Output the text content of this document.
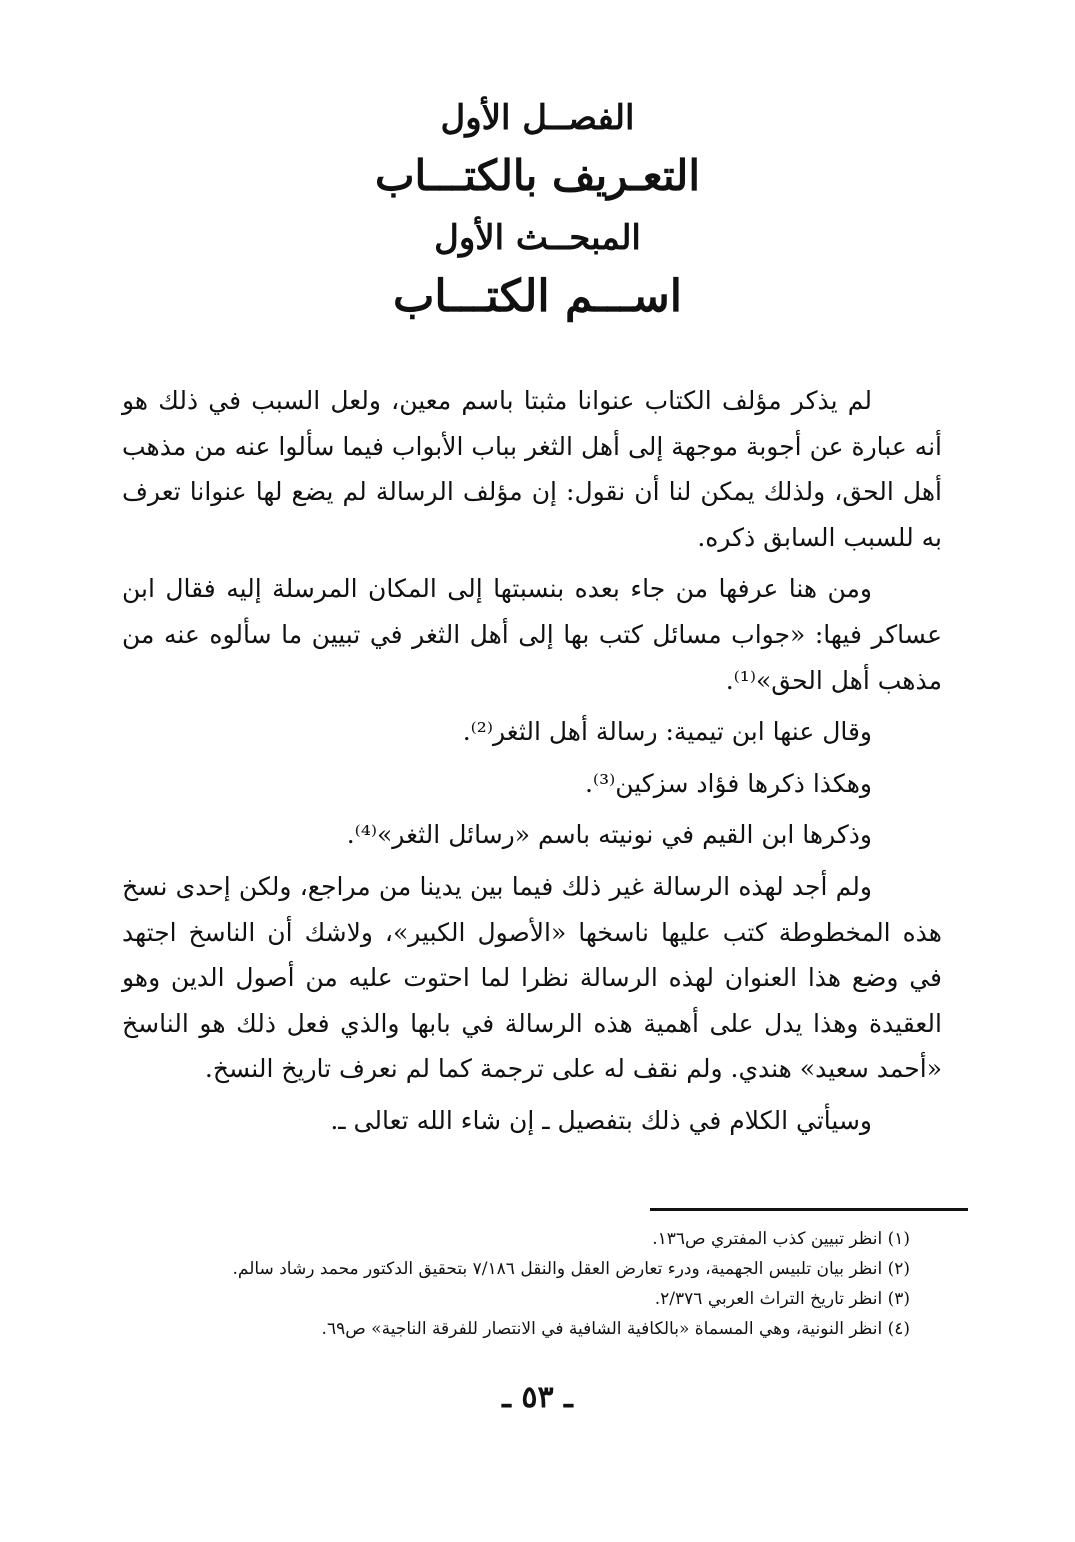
الفصــل الأول
التعـريف بالكتـــاب
المبحــث الأول
اســـم الكتـــاب

لم يذكر مؤلف الكتاب عنوانا مثبتا باسم معين، ولعل السبب في ذلك هو أنه عبارة عن أجوبة موجهة إلى أهل الثغر بباب الأبواب فيما سألوا عنه من مذهب أهل الحق، ولذلك يمكن لنا أن نقول: إن مؤلف الرسالة لم يضع لها عنوانا تعرف به للسبب السابق ذكره.

ومن هنا عرفها من جاء بعده بنسبتها إلى المكان المرسلة إليه فقال ابن عساكر فيها: «جواب مسائل كتب بها إلى أهل الثغر في تبيين ما سألوه عنه من مذهب أهل الحق»⁽¹⁾.

وقال عنها ابن تيمية: رسالة أهل الثغر⁽²⁾.

وهكذا ذكرها فؤاد سزكين⁽³⁾.

وذكرها ابن القيم في نونيته باسم «رسائل الثغر»⁽⁴⁾.

ولم أجد لهذه الرسالة غير ذلك فيما بين يدينا من مراجع، ولكن إحدى نسخ هذه المخطوطة كتب عليها ناسخها «الأصول الكبير»، ولاشك أن الناسخ اجتهد في وضع هذا العنوان لهذه الرسالة نظرا لما احتوت عليه من أصول الدين وهو العقيدة وهذا يدل على أهمية هذه الرسالة في بابها والذي فعل ذلك هو الناسخ «أحمد سعيد» هندي. ولم نقف له على ترجمة كما لم نعرف تاريخ النسخ.

وسيأتي الكلام في ذلك بتفصيل ـ إن شاء الله تعالى ـ.

(١) انظر تبيين كذب المفتري ص١٣٦.
(٢) انظر بيان تلبيس الجهمية، ودرء تعارض العقل والنقل ٧/١٨٦ بتحقيق الدكتور محمد رشاد سالم.
(٣) انظر تاريخ التراث العربي ٢/٣٧٦.
(٤) انظر النونية، وهي المسماة «بالكافية الشافية في الانتصار للفرقة الناجية» ص٦٩.
ـ ٥٣ ـ
